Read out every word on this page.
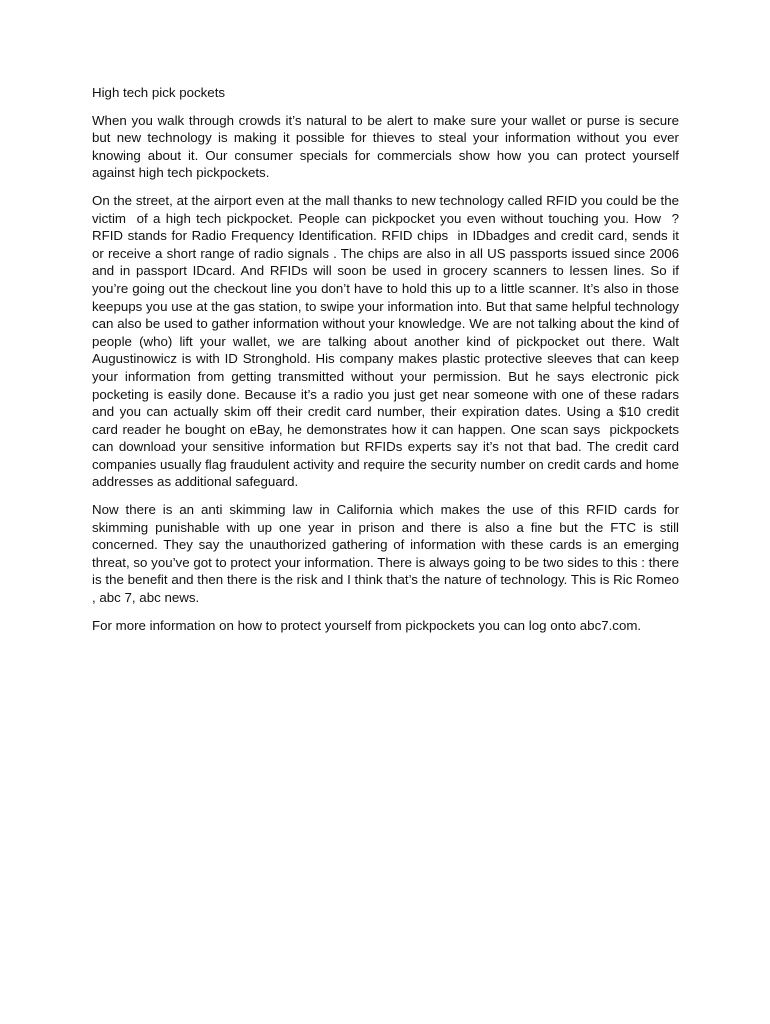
High tech pick pockets

When you walk through crowds it’s natural to be alert to make sure your wallet or purse is secure but new technology is making it possible for thieves to steal your information without you ever knowing about it. Our consumer specials for commercials show how you can protect yourself against high tech pickpockets.

On the street, at the airport even at the mall thanks to new technology called RFID you could be the victim  of a high tech pickpocket. People can pickpocket you even without touching you. How  ? RFID stands for Radio Frequency Identification. RFID chips  in IDbadges and credit card, sends it or receive a short range of radio signals . The chips are also in all US passports issued since 2006 and in passport IDcard. And RFIDs will soon be used in grocery scanners to lessen lines. So if you’re going out the checkout line you don’t have to hold this up to a little scanner. It’s also in those keepups you use at the gas station, to swipe your information into. But that same helpful technology can also be used to gather information without your knowledge. We are not talking about the kind of people (who) lift your wallet, we are talking about another kind of pickpocket out there. Walt Augustinowicz is with ID Stronghold. His company makes plastic protective sleeves that can keep your information from getting transmitted without your permission. But he says electronic pick pocketing is easily done. Because it’s a radio you just get near someone with one of these radars and you can actually skim off their credit card number, their expiration dates. Using a $10 credit card reader he bought on eBay, he demonstrates how it can happen. One scan says  pickpockets can download your sensitive information but RFIDs experts say it’s not that bad. The credit card companies usually flag fraudulent activity and require the security number on credit cards and home addresses as additional safeguard.

Now there is an anti skimming law in California which makes the use of this RFID cards for skimming punishable with up one year in prison and there is also a fine but the FTC is still concerned. They say the unauthorized gathering of information with these cards is an emerging threat, so you’ve got to protect your information. There is always going to be two sides to this : there is the benefit and then there is the risk and I think that’s the nature of technology. This is Ric Romeo , abc 7, abc news.

For more information on how to protect yourself from pickpockets you can log onto abc7.com.
